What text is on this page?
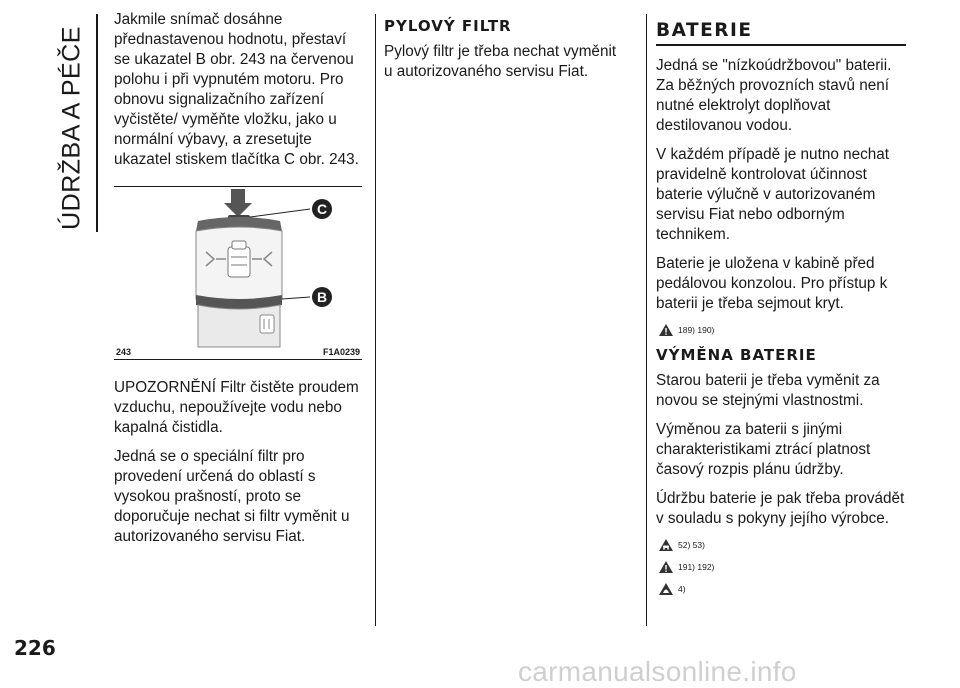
ÚDRŽBA A PÉČE

Jakmile snímač dosáhne přednastavenou hodnotu, přestaví se ukazatel B obr. 243 na červenou polohu i při vypnutém motoru. Pro obnovu signalizačního zařízení vyčistěte/ vyměňte vložku, jako u normální výbavy, a zresetujte ukazatel stiskem tlačítka C obr. 243.

C
B
243	F1A0239

UPOZORNĚNÍ Filtr čistěte proudem vzduchu, nepoužívejte vodu nebo kapalná čistidla.

Jedná se o speciální filtr pro provedení určená do oblastí s vysokou prašností, proto se doporučuje nechat si filtr vyměnit u autorizovaného servisu Fiat.

PYLOVÝ FILTR

Pylový filtr je třeba nechat vyměnit u autorizovaného servisu Fiat.

BATERIE

Jedná se "nízkoúdržbovou" baterii. Za běžných provozních stavů není nutné elektrolyt doplňovat destilovanou vodou.

V každém případě je nutno nechat pravidelně kontrolovat účinnost baterie výlučně v autorizovaném servisu Fiat nebo odborným technikem.

Baterie je uložena v kabině před pedálovou konzolou. Pro přístup k baterii je třeba sejmout kryt.

189) 190)
VÝMĚNA BATERIE

Starou baterii je třeba vyměnit za novou se stejnými vlastnostmi.

Výměnou za baterii s jinými charakteristikami ztrácí platnost časový rozpis plánu údržby.

Údržbu baterie je pak třeba provádět v souladu s pokyny jejího výrobce.

52) 53)
191) 192)
4)
226
carmanualsonline.info
